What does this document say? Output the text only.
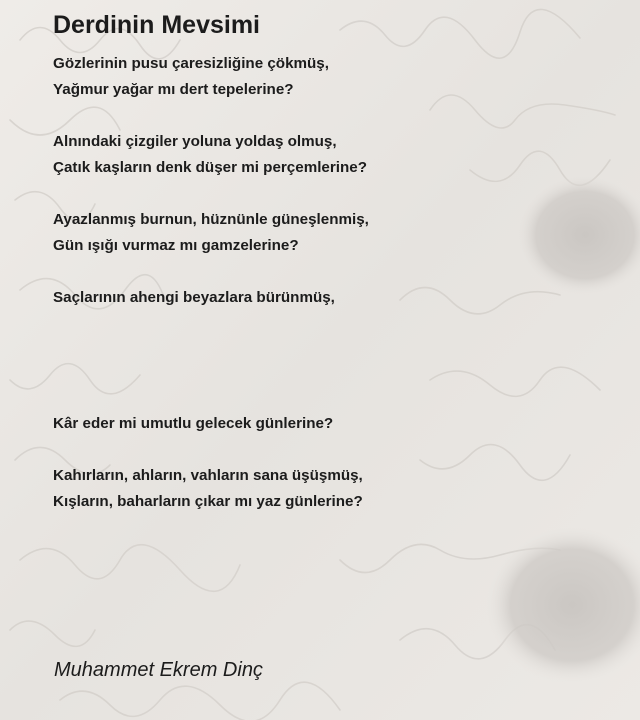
Derdinin Mevsimi

Gözlerinin pusu çaresizliğine çökmüş,

Yağmur yağar mı dert tepelerine?

Alnındaki çizgiler yoluna yoldaş olmuş,

Çatık kaşların denk düşer mi perçemlerine?

Ayazlanmış burnun, hüznünle güneşlenmiş,

Gün ışığı vurmaz mı gamzelerine?

Saçlarının ahengi beyazlara bürünmüş,

Kâr eder mi umutlu gelecek günlerine?

Kahırların, ahların, vahların sana üşüşmüş,

Kışların, baharların çıkar mı yaz günlerine?

Muhammet Ekrem Dinç
